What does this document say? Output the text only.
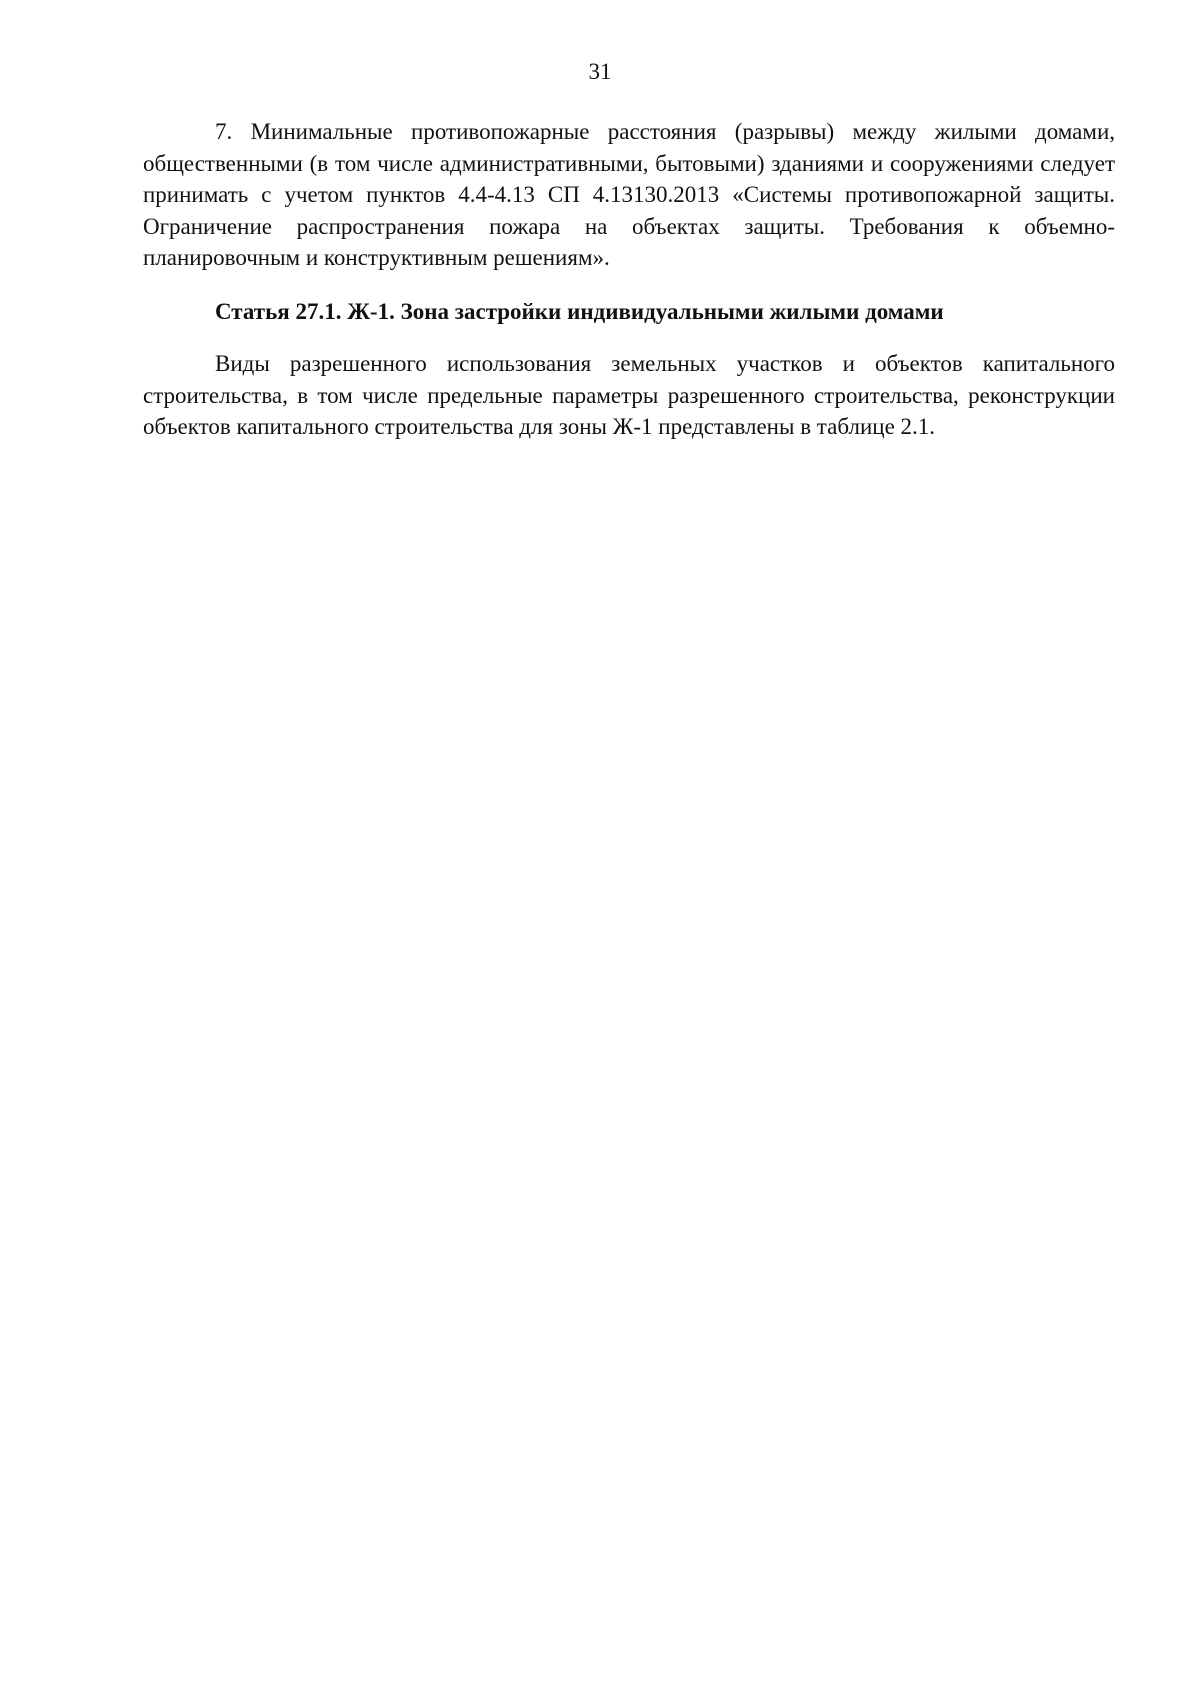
31

7. Минимальные противопожарные расстояния (разрывы) между жилыми домами, общественными (в том числе административными, бытовыми) зданиями и сооружениями следует принимать с учетом пунктов 4.4-4.13 СП 4.13130.2013 «Системы противопожарной защиты. Ограничение распространения пожара на объектах защиты. Требования к объемно-планировочным и конструктивным решениям».

Статья 27.1. Ж-1. Зона застройки индивидуальными жилыми домами

Виды разрешенного использования земельных участков и объектов капитального строительства, в том числе предельные параметры разрешенного строительства, реконструкции объектов капитального строительства для зоны Ж-1 представлены в таблице 2.1.
